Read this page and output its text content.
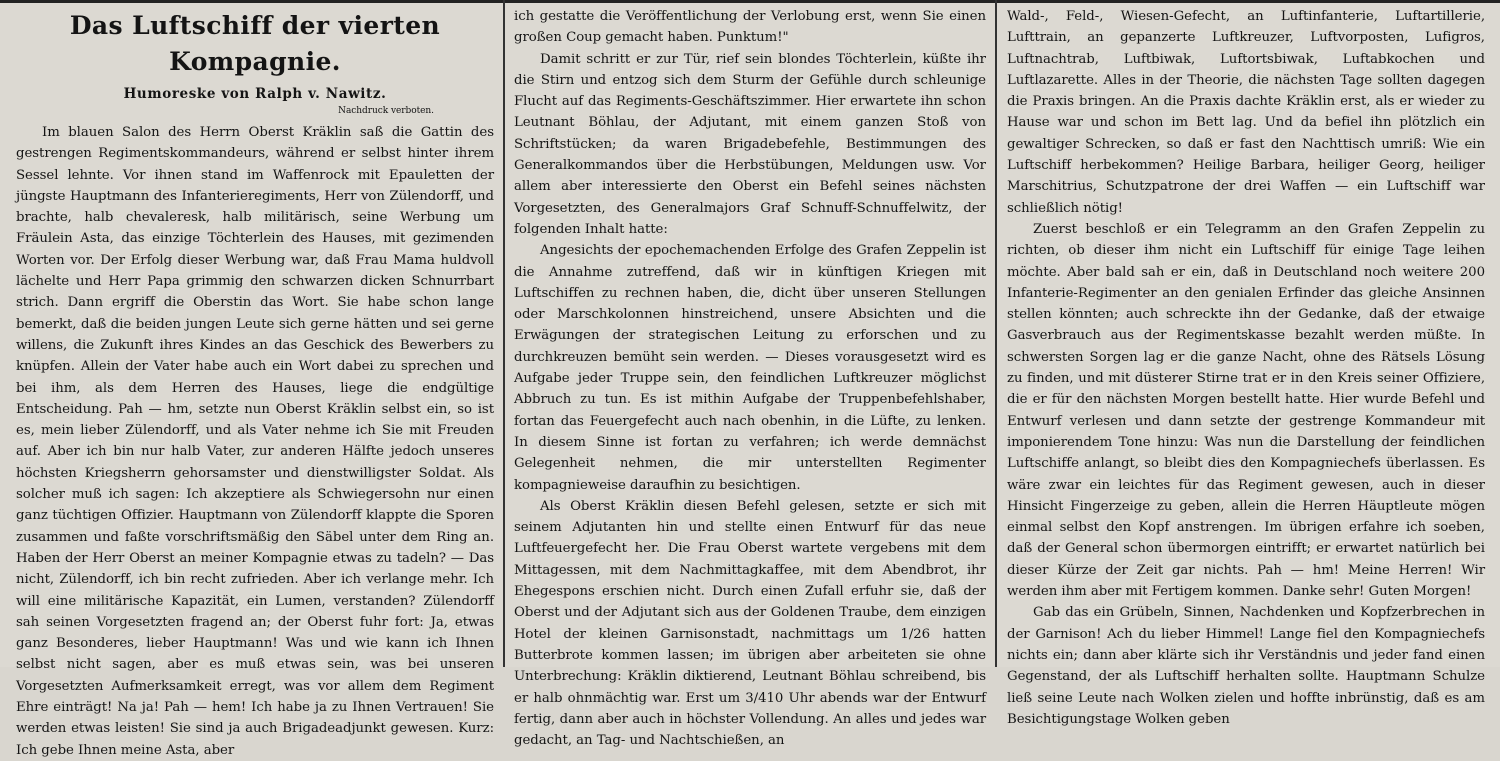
Das Luftschiff der vierten Kompagnie.
Humoreske von Ralph v. Nawitz.
Nachdruck verboten.

Im blauen Salon des Herrn Oberst Kräklin saß die Gattin des gestrengen Regimentskommandeurs, während er selbst hinter ihrem Sessel lehnte. Vor ihnen stand im Waffenrock mit Epauletten der jüngste Hauptmann des Infanterieregiments, Herr von Zülendorff, und brachte, halb chevaleresk, halb militärisch, seine Werbung um Fräulein Asta, das einzige Töchterlein des Hauses, mit gezimenden Worten vor. Der Erfolg dieser Werbung war, daß Frau Mama huldvoll lächelte und Herr Papa grimmig den schwarzen dicken Schnurrbart strich. Dann ergriff die Oberstin das Wort. Sie habe schon lange bemerkt, daß die beiden jungen Leute sich gerne hätten und sei gerne willens, die Zukunft ihres Kindes an das Geschick des Bewerbers zu knüpfen. Allein der Vater habe auch ein Wort dabei zu sprechen und bei ihm, als dem Herren des Hauses, liege die endgültige Entscheidung. Pah — hm, setzte nun Oberst Kräklin selbst ein, so ist es, mein lieber Zülendorff, und als Vater nehme ich Sie mit Freuden auf. Aber ich bin nur halb Vater, zur anderen Hälfte jedoch unseres höchsten Kriegsherrn gehorsamster und dienstwilligster Soldat. Als solcher muß ich sagen: Ich akzeptiere als Schwiegersohn nur einen ganz tüchtigen Offizier. Hauptmann von Zülendorff klappte die Sporen zusammen und faßte vorschriftsmäßig den Säbel unter dem Ring an. Haben der Herr Oberst an meiner Kompagnie etwas zu tadeln? — Das nicht, Zülendorff, ich bin recht zufrieden. Aber ich verlange mehr. Ich will eine militärische Kapazität, ein Lumen, verstanden? Zülendorff sah seinen Vorgesetzten fragend an; der Oberst fuhr fort: Ja, etwas ganz Besonderes, lieber Hauptmann! Was und wie kann ich Ihnen selbst nicht sagen, aber es muß etwas sein, was bei unseren Vorgesetzten Aufmerksamkeit erregt, was vor allem dem Regiment Ehre einträgt! Na ja! Pah — hem! Ich habe ja zu Ihnen Vertrauen! Sie werden etwas leisten! Sie sind ja auch Brigadeadjunkt gewesen. Kurz: Ich gebe Ihnen meine Asta, aber

ich gestatte die Veröffentlichung der Verlobung erst, wenn Sie einen großen Coup gemacht haben. Punktum!"

Damit schritt er zur Tür, rief sein blondes Töchterlein, küßte ihr die Stirn und entzog sich dem Sturm der Gefühle durch schleunige Flucht auf das Regiments-Geschäftszimmer. Hier erwartete ihn schon Leutnant Böhlau, der Adjutant, mit einem ganzen Stoß von Schriftstücken; da waren Brigadebefehle, Bestimmungen des Generalkommandos über die Herbstübungen, Meldungen usw. Vor allem aber interessierte den Oberst ein Befehl seines nächsten Vorgesetzten, des Generalmajors Graf Schnuff-Schnuffelwitz, der folgenden Inhalt hatte:

Angesichts der epochemachenden Erfolge des Grafen Zeppelin ist die Annahme zutreffend, daß wir in künftigen Kriegen mit Luftschiffen zu rechnen haben, die, dicht über unseren Stellungen oder Marschkolonnen hinstreichend, unsere Absichten und die Erwägungen der strategischen Leitung zu erforschen und zu durchkreuzen bemüht sein werden. — Dieses vorausgesetzt wird es Aufgabe jeder Truppe sein, den feindlichen Luftkreuzer möglichst Abbruch zu tun. Es ist mithin Aufgabe der Truppenbefehlshaber, fortan das Feuergefecht auch nach obenhin, in die Lüfte, zu lenken. In diesem Sinne ist fortan zu verfahren; ich werde demnächst Gelegenheit nehmen, die mir unterstellten Regimenter kompagnieweise daraufhin zu besichtigen.

Als Oberst Kräklin diesen Befehl gelesen, setzte er sich mit seinem Adjutanten hin und stellte einen Entwurf für das neue Luftfeuergefecht her. Die Frau Oberst wartete vergebens mit dem Mittagessen, mit dem Nachmittagkaffee, mit dem Abendbrot, ihr Ehegespons erschien nicht. Durch einen Zufall erfuhr sie, daß der Oberst und der Adjutant sich aus der Goldenen Traube, dem einzigen Hotel der kleinen Garnisonstadt, nachmittags um 1/26 hatten Butterbrote kommen lassen; im übrigen aber arbeiteten sie ohne Unterbrechung: Kräklin diktierend, Leutnant Böhlau schreibend, bis er halb ohnmächtig war. Erst um 3/410 Uhr abends war der Entwurf fertig, dann aber auch in höchster Vollendung. An alles und jedes war gedacht, an Tag- und Nachtschießen, an

Wald-, Feld-, Wiesen-Gefecht, an Luftinfanterie, Luftartillerie, Lufttrain, an gepanzerte Luftkreuzer, Luftvorposten, Lufigros, Luftnachtrab, Luftbiwak, Luftortsbiwak, Luftabkochen und Luftlazarette. Alles in der Theorie, die nächsten Tage sollten dagegen die Praxis bringen. An die Praxis dachte Kräklin erst, als er wieder zu Hause war und schon im Bett lag. Und da befiel ihn plötzlich ein gewaltiger Schrecken, so daß er fast den Nachttisch umriß: Wie ein Luftschiff herbekommen? Heilige Barbara, heiliger Georg, heiliger Marschitrius, Schutzpatrone der drei Waffen — ein Luftschiff war schließlich nötig!

Zuerst beschloß er ein Telegramm an den Grafen Zeppelin zu richten, ob dieser ihm nicht ein Luftschiff für einige Tage leihen möchte. Aber bald sah er ein, daß in Deutschland noch weitere 200 Infanterie-Regimenter an den genialen Erfinder das gleiche Ansinnen stellen könnten; auch schreckte ihn der Gedanke, daß der etwaige Gasverbrauch aus der Regimentskasse bezahlt werden müßte. In schwersten Sorgen lag er die ganze Nacht, ohne des Rätsels Lösung zu finden, und mit düsterer Stirne trat er in den Kreis seiner Offiziere, die er für den nächsten Morgen bestellt hatte. Hier wurde Befehl und Entwurf verlesen und dann setzte der gestrenge Kommandeur mit imponierendem Tone hinzu: Was nun die Darstellung der feindlichen Luftschiffe anlangt, so bleibt dies den Kompagniechefs überlassen. Es wäre zwar ein leichtes für das Regiment gewesen, auch in dieser Hinsicht Fingerzeige zu geben, allein die Herren Häuptleute mögen einmal selbst den Kopf anstrengen. Im übrigen erfahre ich soeben, daß der General schon übermorgen eintrifft; er erwartet natürlich bei dieser Kürze der Zeit gar nichts. Pah — hm! Meine Herren! Wir werden ihm aber mit Fertigem kommen. Danke sehr! Guten Morgen!

Gab das ein Grübeln, Sinnen, Nachdenken und Kopfzerbrechen in der Garnison! Ach du lieber Himmel! Lange fiel den Kompagniechefs nichts ein; dann aber klärte sich ihr Verständnis und jeder fand einen Gegenstand, der als Luftschiff herhalten sollte. Hauptmann Schulze ließ seine Leute nach Wolken zielen und hoffte inbrünstig, daß es am Besichtigungstage Wolken geben
